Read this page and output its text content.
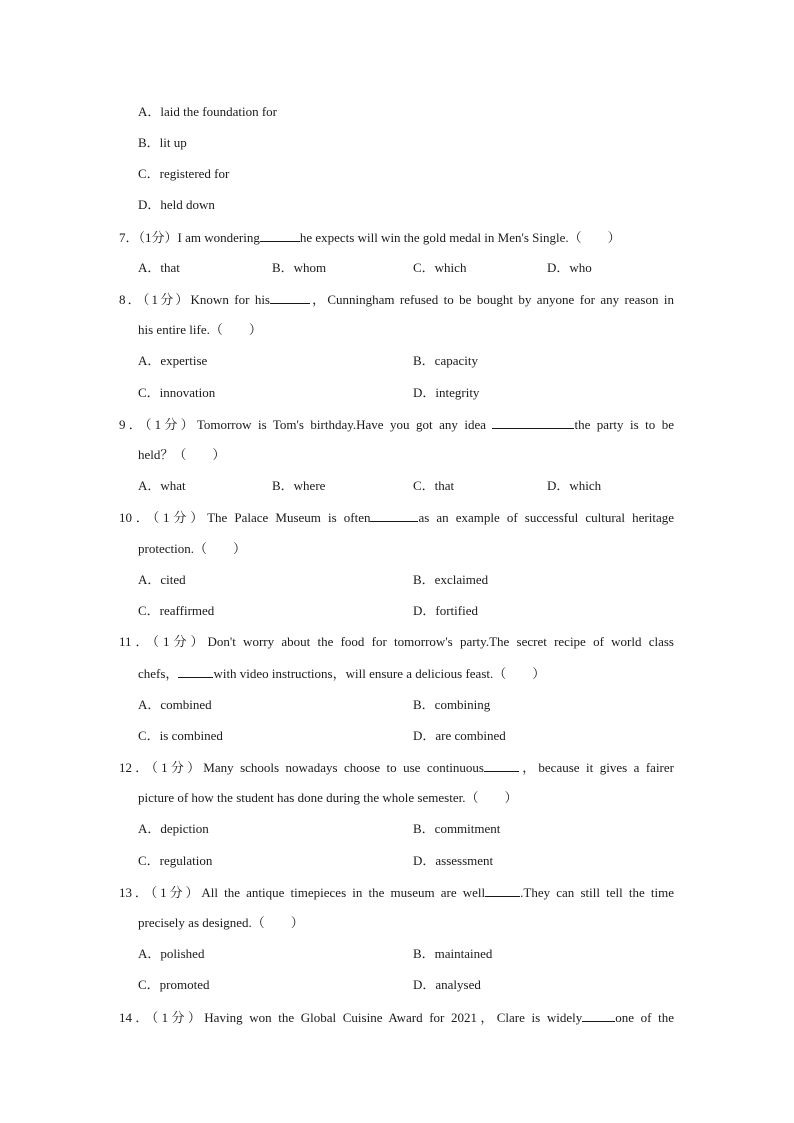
A．laid the foundation for
B．lit up
C．registered for
D．held down
7．（1分）I am wondering	he expects will win the gold medal in Men's Single.（　　）
A．that	B．whom	C．which	D．who
8．（1分）Known for his	，Cunningham refused to be bought by anyone for any reason in
his entire life.（　　）
A．expertise	B．capacity
C．innovation	D．integrity
9．（1分）Tomorrow is Tom's birthday.Have you got any idea	the party is to be
held？（　　）
A．what	B．where	C．that	D．which
10．（1分）The Palace Museum is often	as an example of successful cultural heritage
protection.（　　）
A．cited	B．exclaimed
C．reaffirmed	D．fortified
11．（1分）Don't worry about the food for tomorrow's party.The secret recipe of world class
chefs，	with video instructions，will ensure a delicious feast.（　　）
A．combined	B．combining
C．is combined	D．are combined
12．（1分）Many schools nowadays choose to use continuous	，because it gives a fairer
picture of how the student has done during the whole semester.（　　）
A．depiction	B．commitment
C．regulation	D．assessment
13．（1分）All the antique timepieces in the museum are well	.They can still tell the time
precisely as designed.（　　）
A．polished	B．maintained
C．promoted	D．analysed
14．（1分）Having won the Global Cuisine Award for 2021，Clare is widely	one of the
